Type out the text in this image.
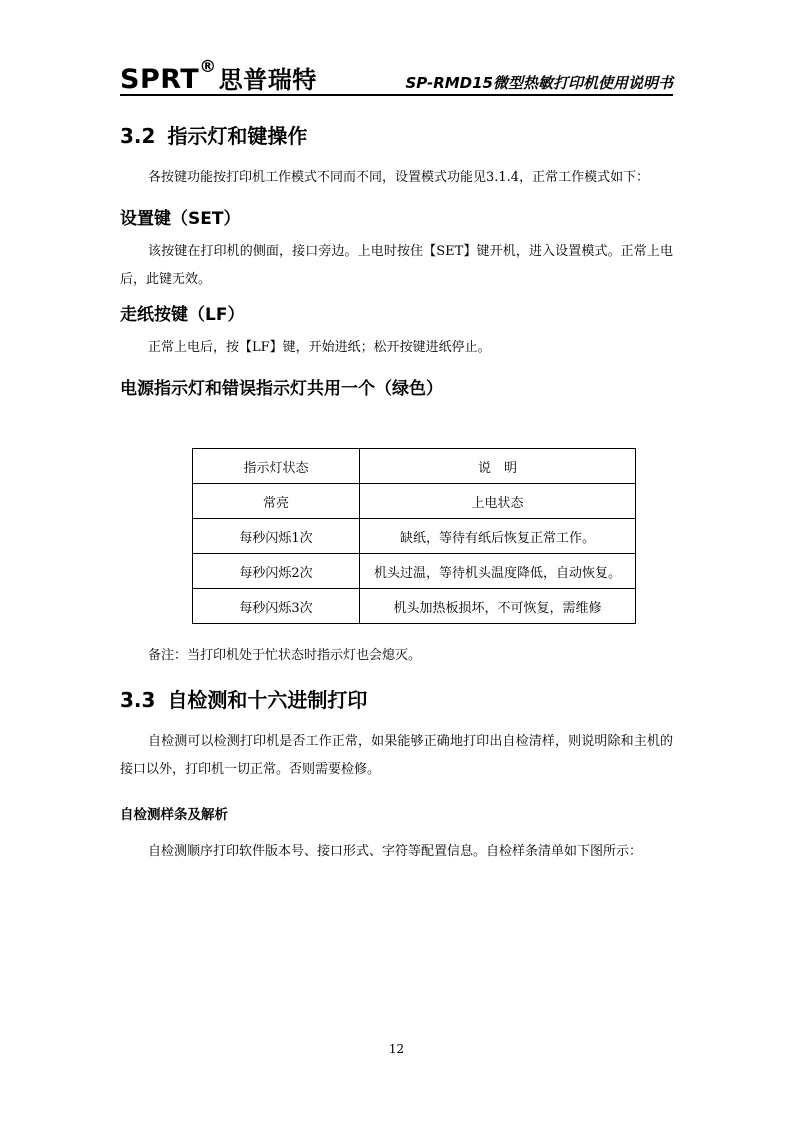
SPRT®思普瑞特	SP-RMD15微型热敏打印机使用说明书
3.2 指示灯和键操作
各按键功能按打印机工作模式不同而不同，设置模式功能见3.1.4，正常工作模式如下：
设置键（SET）
该按键在打印机的侧面，接口旁边。上电时按住【SET】键开机，进入设置模式。正常上电后，此键无效。
走纸按键（LF）
正常上电后，按【LF】键，开始进纸；松开按键进纸停止。
电源指示灯和错误指示灯共用一个（绿色）
指示灯状态	说　明
常亮	上电状态
每秒闪烁1次	缺纸，等待有纸后恢复正常工作。
每秒闪烁2次	机头过温，等待机头温度降低，自动恢复。
每秒闪烁3次	机头加热板损坏，不可恢复，需维修
备注：当打印机处于忙状态时指示灯也会熄灭。
3.3 自检测和十六进制打印
自检测可以检测打印机是否工作正常，如果能够正确地打印出自检清样，则说明除和主机的接口以外，打印机一切正常。否则需要检修。
自检测样条及解析
自检测顺序打印软件版本号、接口形式、字符等配置信息。自检样条清单如下图所示：
12
